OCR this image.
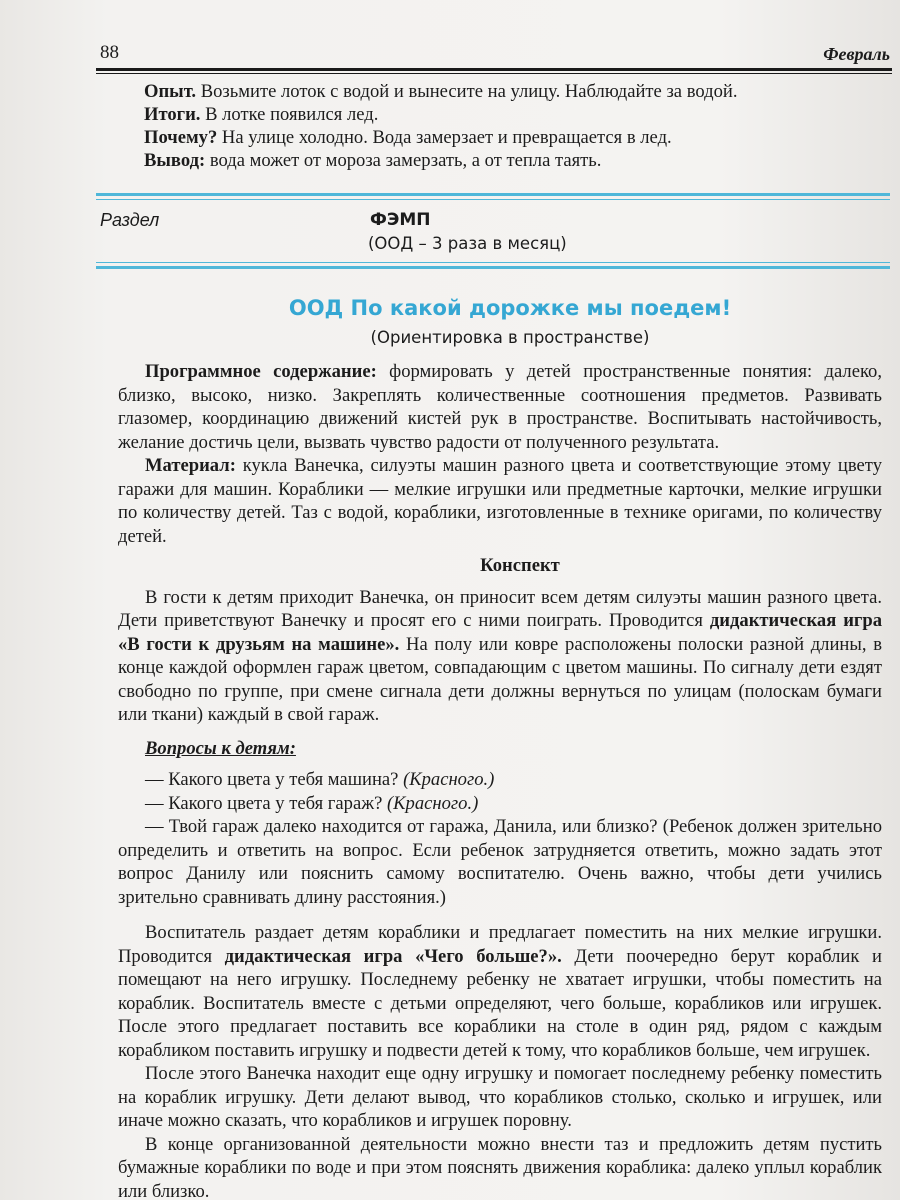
88	Февраль

Опыт. Возьмите лоток с водой и вынесите на улицу. Наблюдайте за водой.

Итоги. В лотке появился лед.

Почему? На улице холодно. Вода замерзает и превращается в лед.

Вывод: вода может от мороза замерзать, а от тепла таять.

Раздел	ФЭМП
(ООД – 3 раза в месяц)
ООД По какой дорожке мы поедем!
(Ориентировка в пространстве)

Программное содержание: формировать у детей пространственные понятия: далеко, близко, высоко, низко. Закреплять количественные соотношения предметов. Развивать глазомер, координацию движений кистей рук в пространстве. Воспитывать настойчивость, желание достичь цели, вызвать чувство радости от полученного результата.

Материал: кукла Ванечка, силуэты машин разного цвета и соответствующие этому цвету гаражи для машин. Кораблики — мелкие игрушки или предметные карточки, мелкие игрушки по количеству детей. Таз с водой, кораблики, изготовленные в технике оригами, по количеству детей.

Конспект

В гости к детям приходит Ванечка, он приносит всем детям силуэты машин разного цвета. Дети приветствуют Ванечку и просят его с ними поиграть. Проводится дидактическая игра «В гости к друзьям на машине». На полу или ковре расположены полоски разной длины, в конце каждой оформлен гараж цветом, совпадающим с цветом машины. По сигналу дети ездят свободно по группе, при смене сигнала дети должны вернуться по улицам (полоскам бумаги или ткани) каждый в свой гараж.

Вопросы к детям:

— Какого цвета у тебя машина? (Красного.)

— Какого цвета у тебя гараж? (Красного.)

— Твой гараж далеко находится от гаража, Данила, или близко? (Ребенок должен зрительно определить и ответить на вопрос. Если ребенок затрудняется ответить, можно задать этот вопрос Данилу или пояснить самому воспитателю. Очень важно, чтобы дети учились зрительно сравнивать длину расстояния.)

Воспитатель раздает детям кораблики и предлагает поместить на них мелкие игрушки. Проводится дидактическая игра «Чего больше?». Дети поочередно берут кораблик и помещают на него игрушку. Последнему ребенку не хватает игрушки, чтобы поместить на кораблик. Воспитатель вместе с детьми определяют, чего больше, корабликов или игрушек. После этого предлагает поставить все кораблики на столе в один ряд, рядом с каждым корабликом поставить игрушку и подвести детей к тому, что корабликов больше, чем игрушек.

После этого Ванечка находит еще одну игрушку и помогает последнему ребенку поместить на кораблик игрушку. Дети делают вывод, что корабликов столько, сколько и игрушек, или иначе можно сказать, что корабликов и игрушек поровну.

В конце организованной деятельности можно внести таз и предложить детям пустить бумажные кораблики по воде и при этом пояснять движения кораблика: далеко уплыл кораблик или близко.
